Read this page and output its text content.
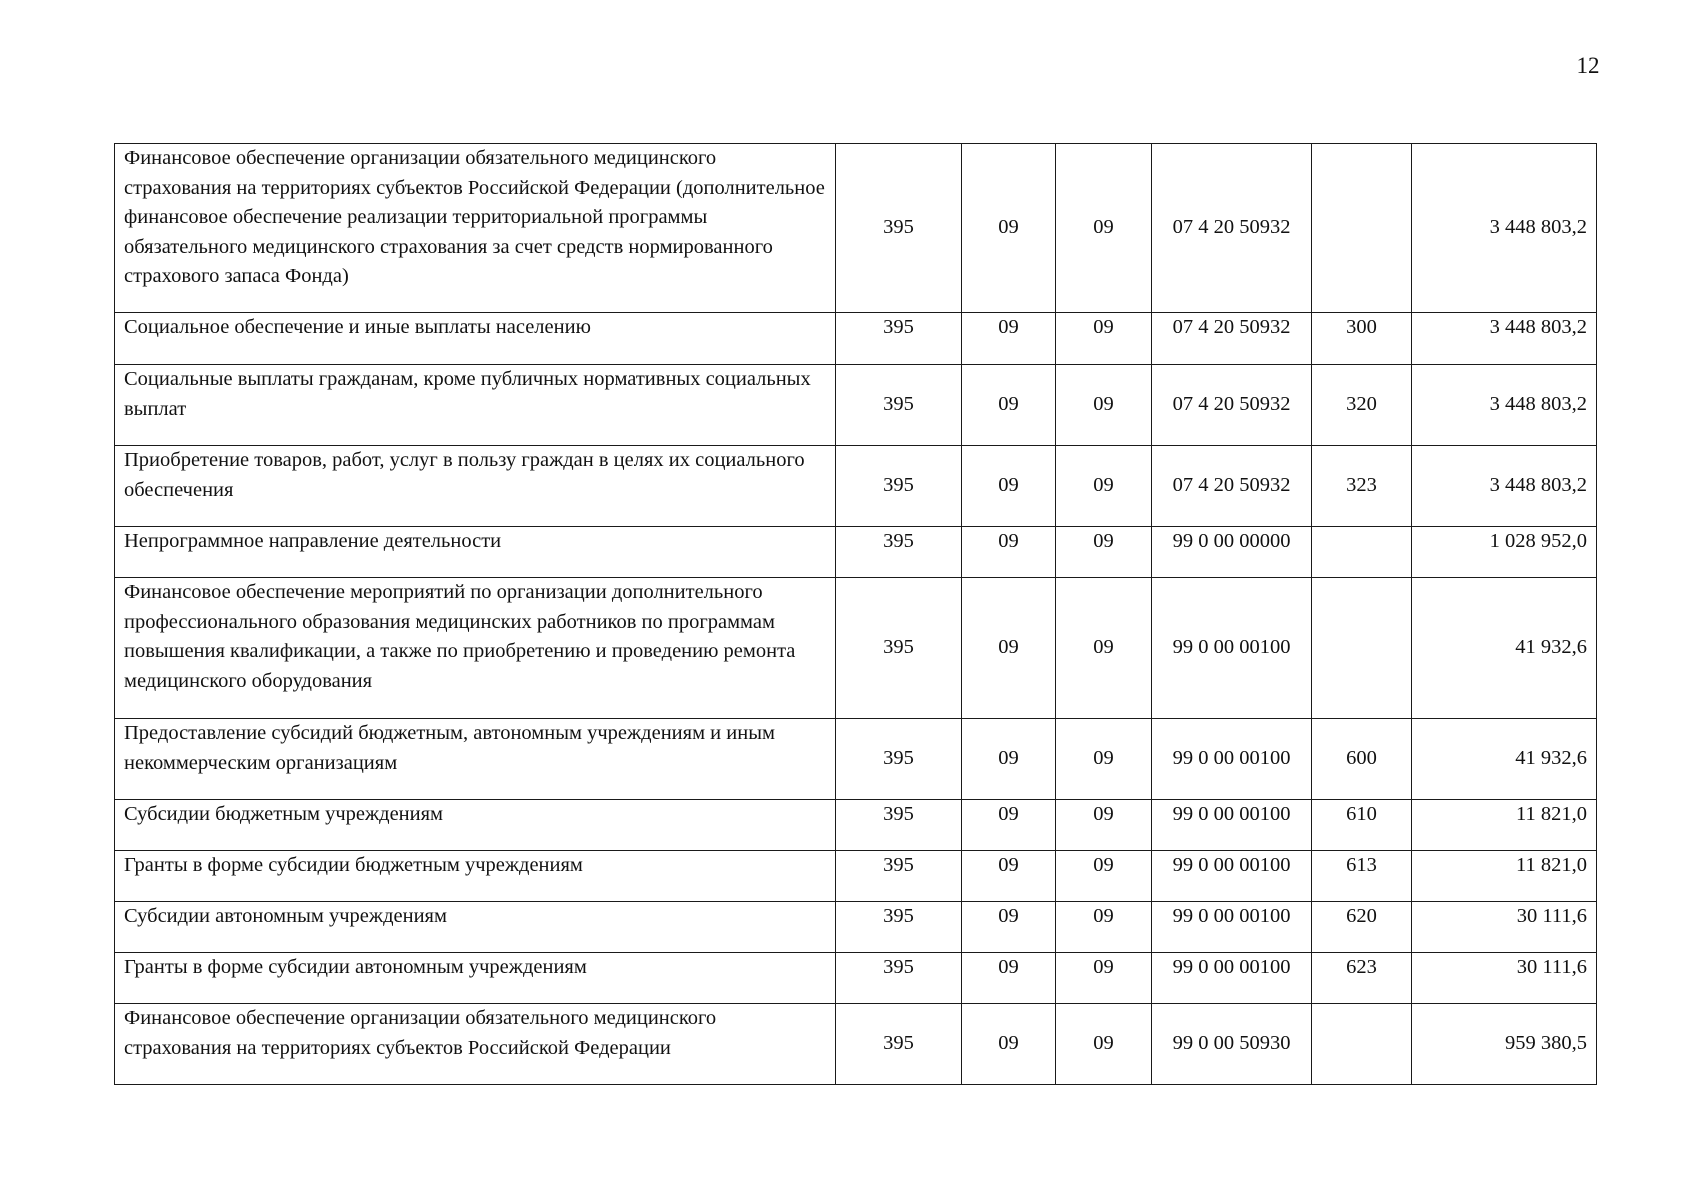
12
Финансовое обеспечение организации обязательного медицинского страхования на территориях субъектов Российской Федерации (дополнительное финансовое обеспечение реализации территориальной программы обязательного медицинского страхования за счет средств нормированного страхового запаса Фонда)	395	09	09	07 4 20 50932		3 448 803,2
Социальное обеспечение и иные выплаты населению	395	09	09	07 4 20 50932	300	3 448 803,2
Социальные выплаты гражданам, кроме публичных нормативных социальных выплат	395	09	09	07 4 20 50932	320	3 448 803,2
Приобретение товаров, работ, услуг в пользу граждан в целях их социального обеспечения	395	09	09	07 4 20 50932	323	3 448 803,2
Непрограммное направление деятельности	395	09	09	99 0 00 00000		1 028 952,0
Финансовое обеспечение мероприятий по организации дополнительного профессионального образования медицинских работников по программам повышения квалификации, а также по приобретению и проведению ремонта медицинского оборудования	395	09	09	99 0 00 00100		41 932,6
Предоставление субсидий бюджетным, автономным учреждениям и иным некоммерческим организациям	395	09	09	99 0 00 00100	600	41 932,6
Субсидии бюджетным учреждениям	395	09	09	99 0 00 00100	610	11 821,0
Гранты в форме субсидии бюджетным учреждениям	395	09	09	99 0 00 00100	613	11 821,0
Субсидии автономным учреждениям	395	09	09	99 0 00 00100	620	30 111,6
Гранты в форме субсидии автономным учреждениям	395	09	09	99 0 00 00100	623	30 111,6
Финансовое обеспечение организации обязательного медицинского страхования на территориях субъектов Российской Федерации	395	09	09	99 0 00 50930		959 380,5
